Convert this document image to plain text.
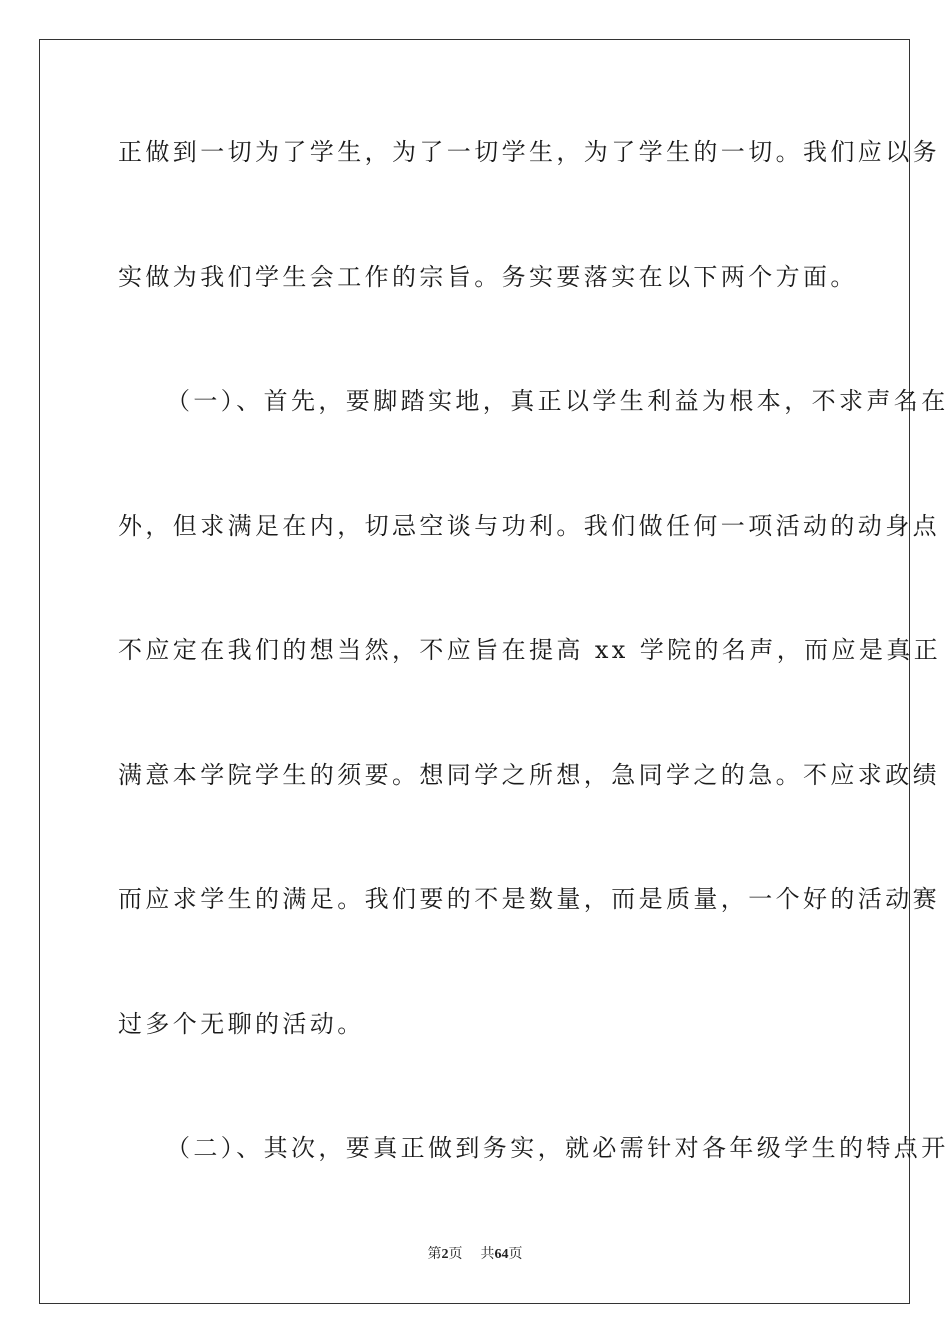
正做到一切为了学生，为了一切学生，为了学生的一切。我们应以务
实做为我们学生会工作的宗旨。务实要落实在以下两个方面。
（一）、首先，要脚踏实地，真正以学生利益为根本，不求声名在
外，但求满足在内，切忌空谈与功利。我们做任何一项活动的动身点
不应定在我们的想当然，不应旨在提高 xx 学院的名声，而应是真正
满意本学院学生的须要。想同学之所想，急同学之的急。不应求政绩
而应求学生的满足。我们要的不是数量，而是质量，一个好的活动赛
过多个无聊的活动。
（二）、其次，要真正做到务实，就必需针对各年级学生的特点开
第2页 共64页
